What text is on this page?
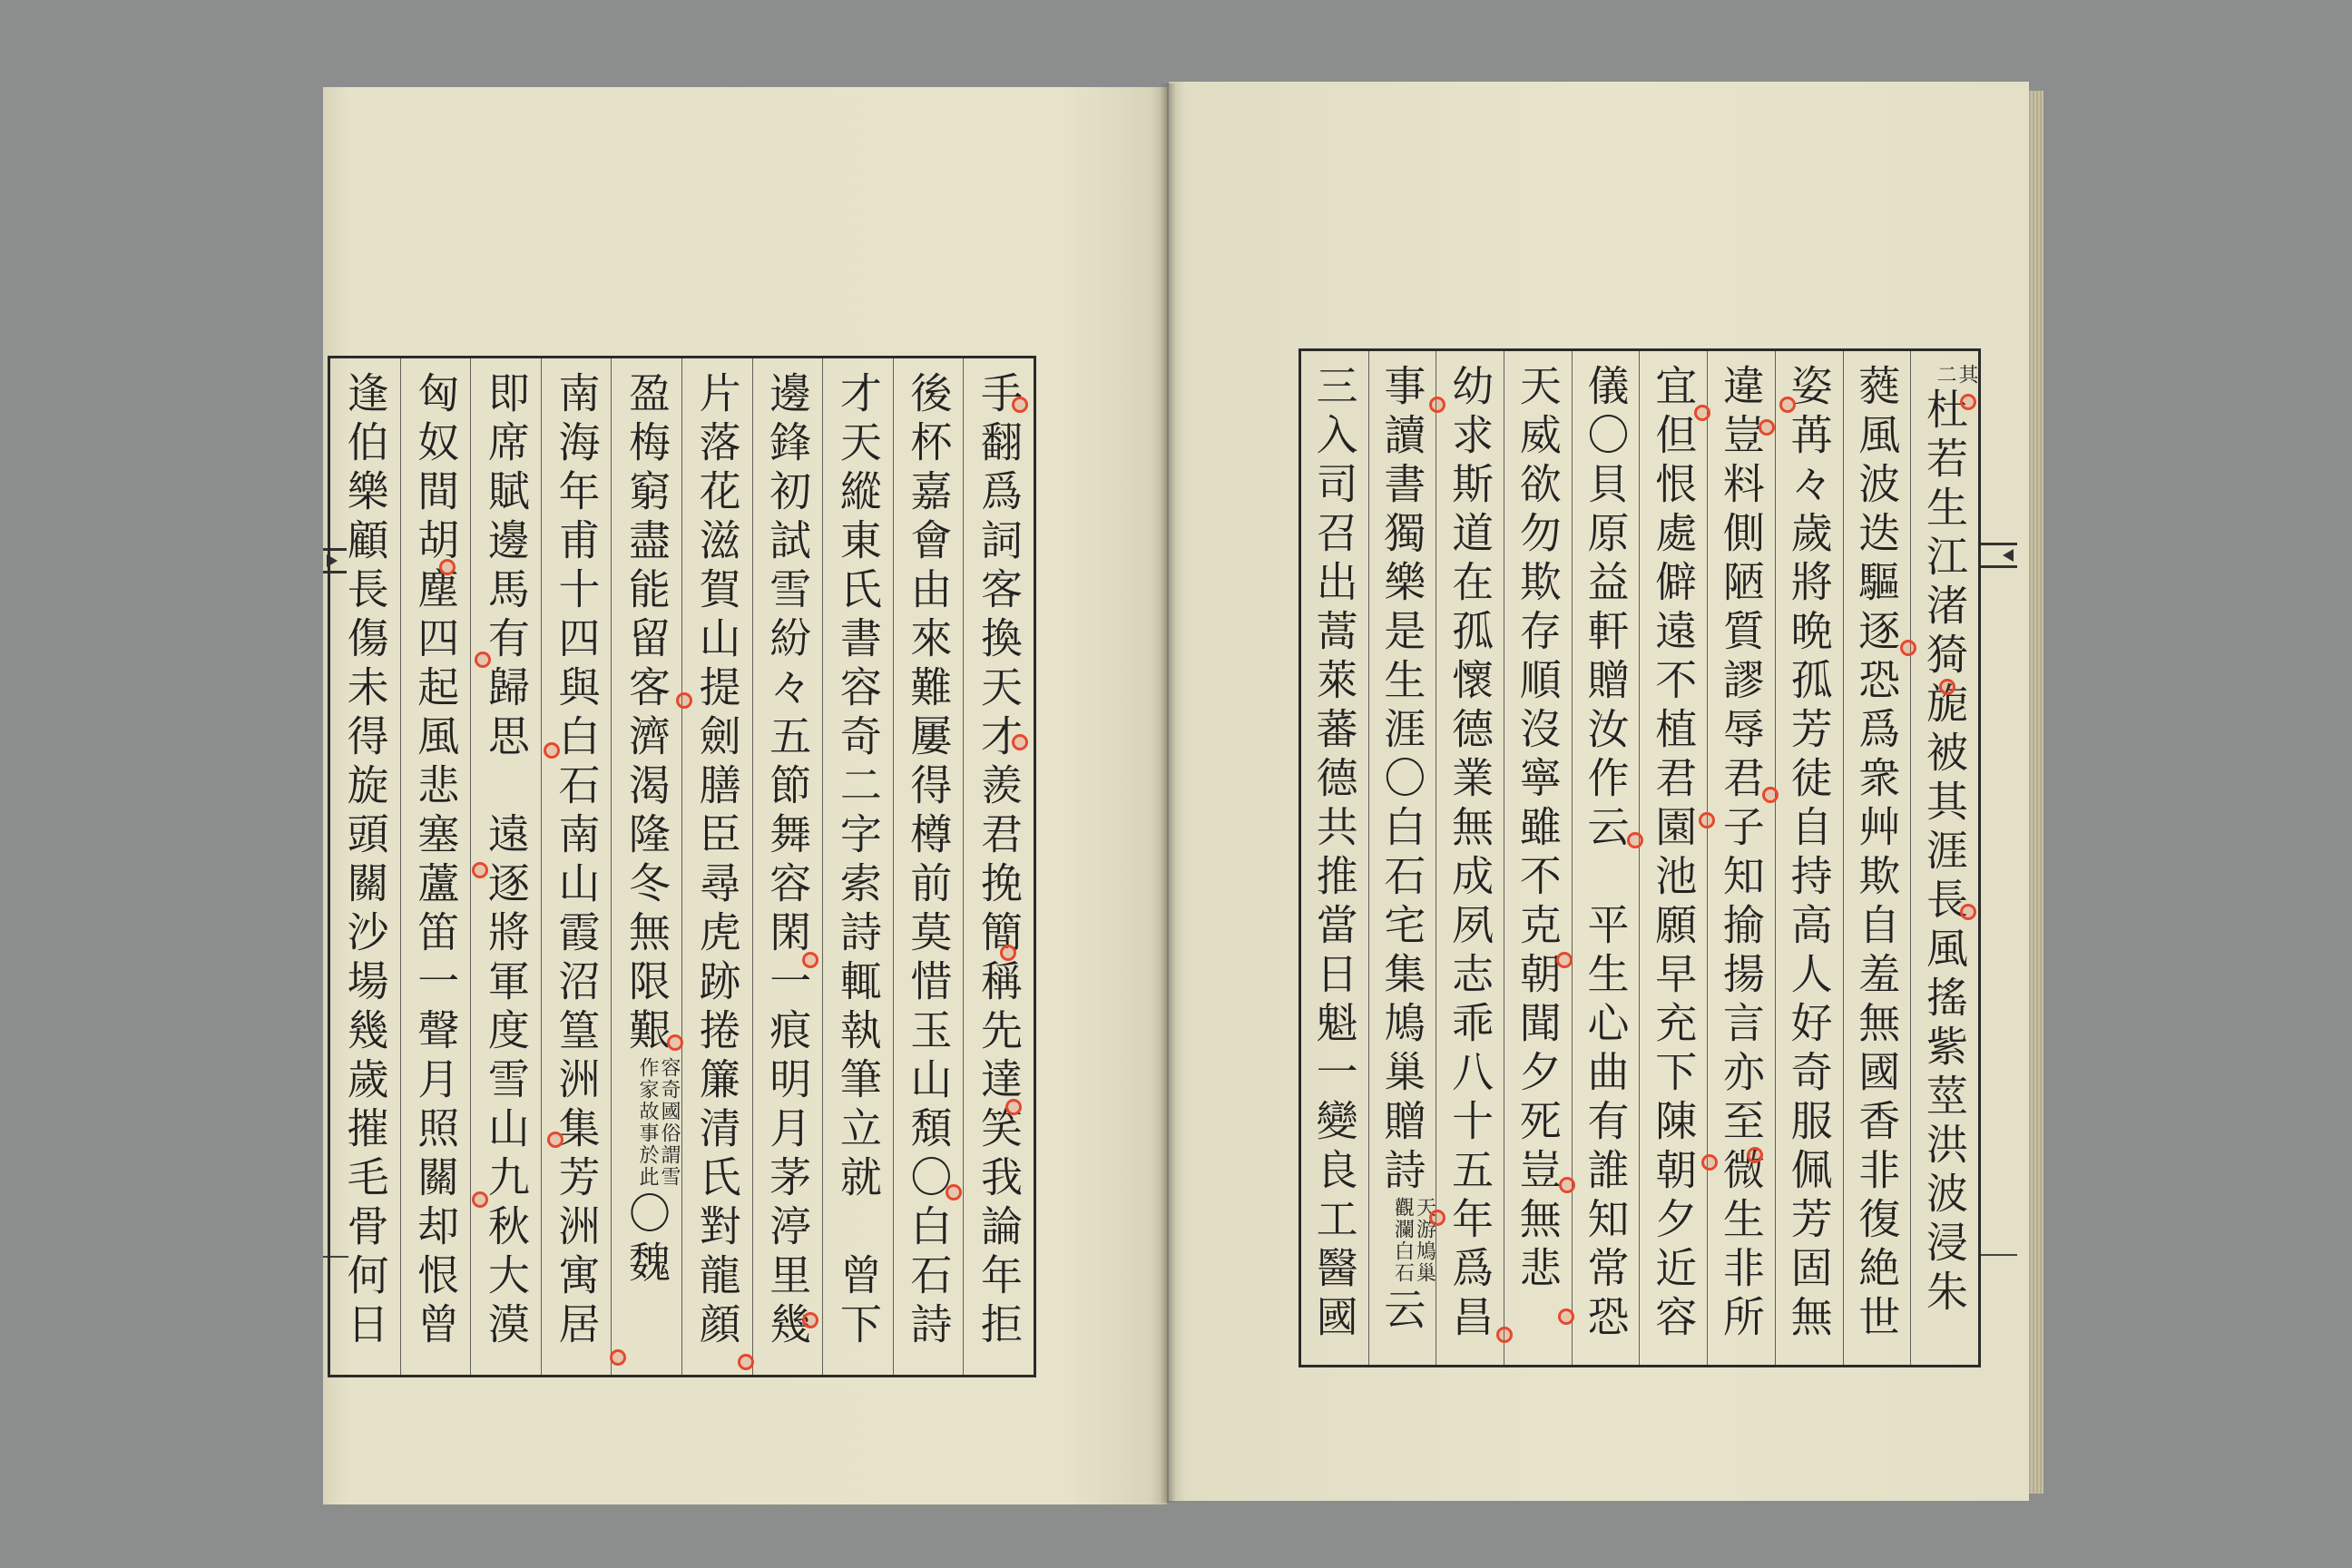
其二杜若生江渚猗旎被其涯長風搖紫莖洪波浸朱
蕤風波迭驅逐恐爲衆艸欺自羞無國香非復絶世
姿苒々歲將晩孤芳徒自持高人好奇服佩芳固無
違豈料側陋質謬辱君子知揄揚言亦至微生非所
宜但恨處僻遠不植君園池願早充下陳朝夕近容
儀〇貝原益軒贈汝作云　平生心曲有誰知常恐
天威欲勿欺存順沒寧雖不克朝聞夕死豈無悲
幼求斯道在孤懷德業無成夙志乖八十五年爲昌
事讀書獨樂是生涯〇白石宅集鳩巢贈詩天游鳩巢觀瀾白石云
三入司召出蒿萊蕃德共推當日魁一變良工醫國
手翻爲詞客換天才羨君挽簡稱先達笑我論年拒
後杯嘉會由來難屢得樽前莫惜玉山頽〇白石詩
才天縱東氏書容奇二字索詩輒執筆立就　曾下
邊鋒初試雪紛々五節舞容閑一痕明月茅渟里幾
片落花滋賀山提劍膳臣尋虎跡捲簾清氏對龍顔
盈梅窮盡能留客濟渴隆冬無限艱容奇國俗謂雪作家故事於此〇魏
南海年甫十四與白石南山霞沼篁洲集芳洲寓居
即席賦邊馬有歸思　遠逐將軍度雪山九秋大漠
匈奴間胡塵四起風悲塞蘆笛一聲月照關却恨曾
逢伯樂顧長傷未得旋頭關沙場幾歲摧毛骨何日
